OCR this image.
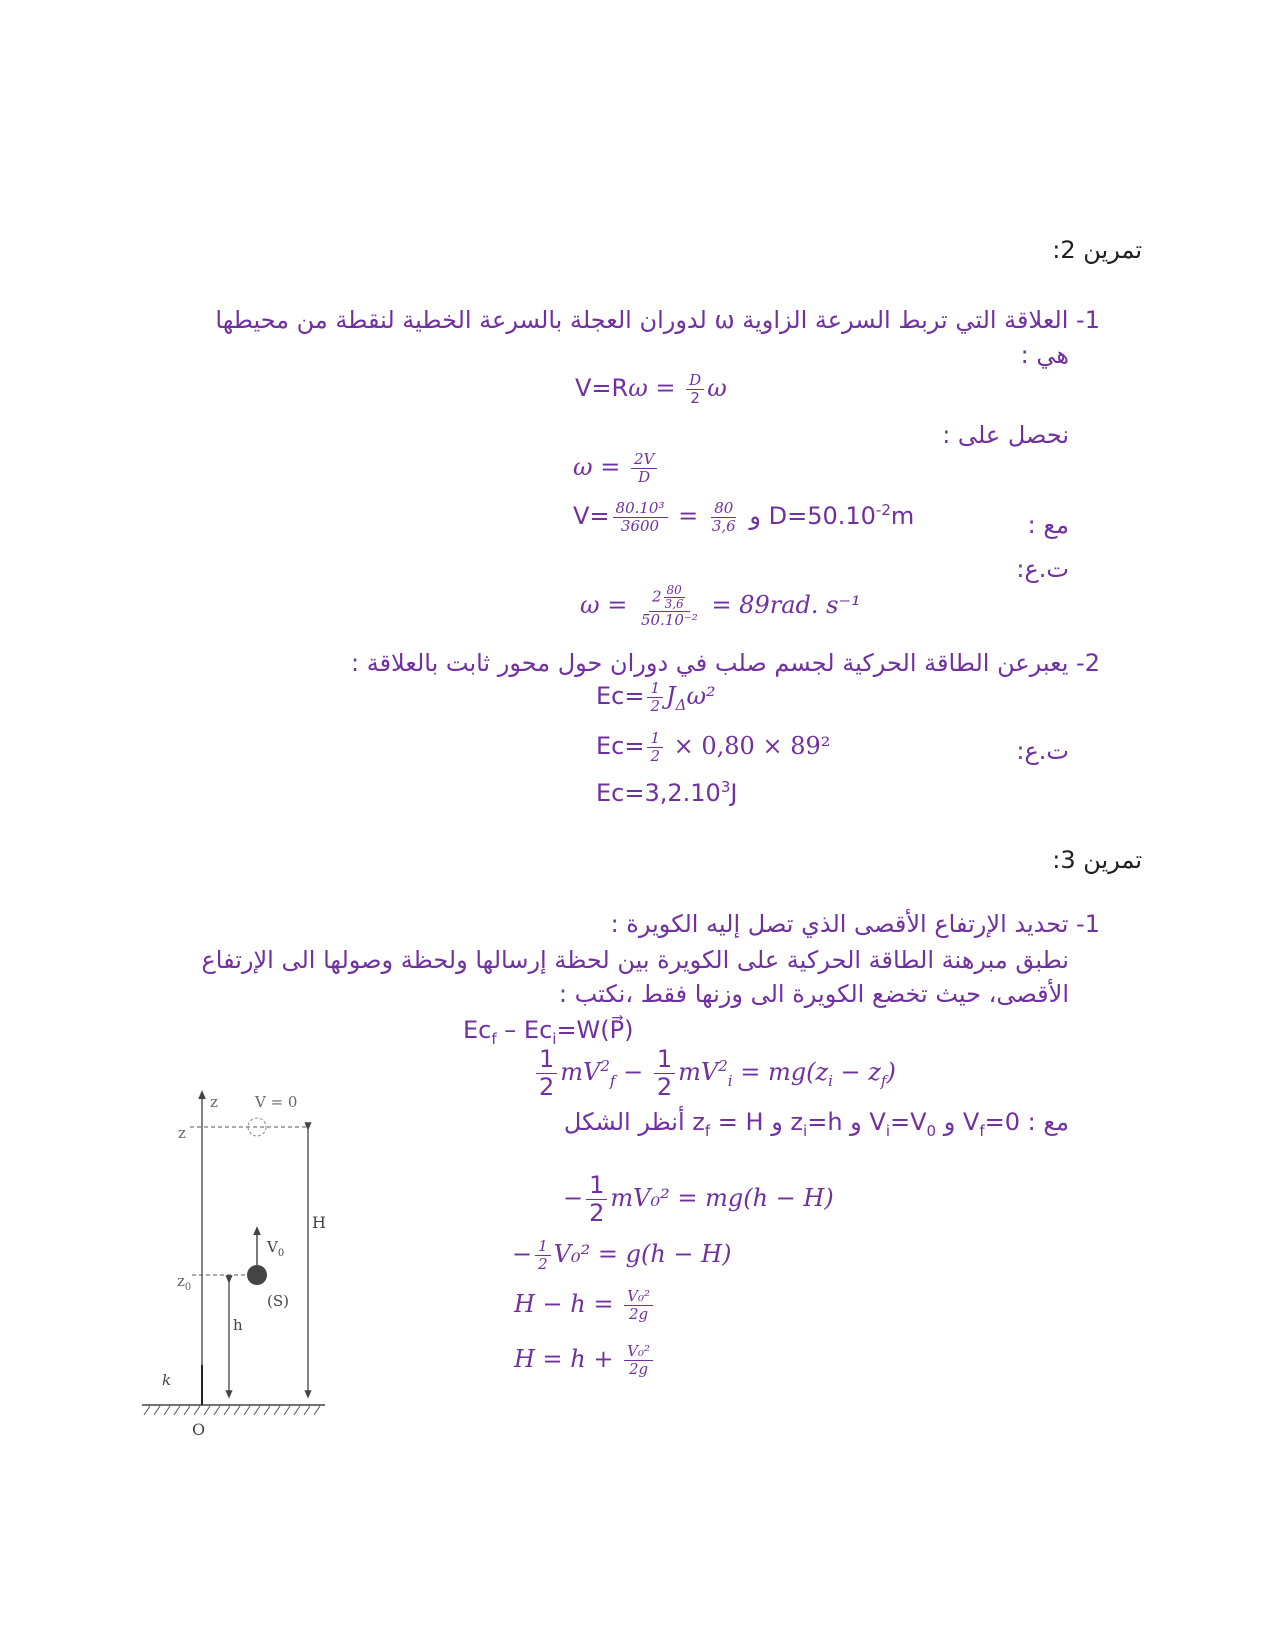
تمرين 2:
1- العلاقة التي تربط السرعة الزاوية ω لدوران العجلة بالسرعة الخطية لنقطة من محيطها
هي :
$V=R\omega = \frac{D}{2}$ ω
نحصل على :
$\omega = \frac{2V}{D}$
مع :
$V= \frac{\text{80.10³}}{3600} = \frac{80}{3,6}$ و $D=50.10^{-2}m$
ت.ع:
$\omega = \frac{2 \frac{80}{3,6}}{\text{50.10⁻²}} = 89rad$. s⁻¹
2- يعبرعن الطاقة الحركية لجسم صلب في دوران حول محور ثابت بالعلاقة :
$Ec= \frac{1}{2} J_\Delta\omega^2$
ت.ع:
$Ec= \frac{1}{2} \times 0,80 \times 89^2$
$Ec=3,2.10^3J$
تمرين 3:
1- تحديد الإرتفاع الأقصى الذي تصل إليه الكويرة :
نطبق مبرهنة الطاقة الحركية على الكويرة بين لحظة إرسالها ولحظة وصولها الى الإرتفاع
الأقصى، حيث تخضع الكويرة الى وزنها فقط ،نكتب :
$Ec_f$ – $Ec_i=W(P⃗)$
$\frac{1}{2} mV^2_f - \frac{1}{2} mV^2_i = mg(z_i - z_f)$
مع : $V_f=0$ و $V_i=V_0$ و $z_i=h$ و $z_f = H$ أنظر الشكل
− $\frac{1}{2} mV_0^2 = mg(h - H)$
− $\frac{1}{2} V_0^2 = g(h - H)$
$H - h = \frac{\text{V₀²}}{2g}$
$H = h + \frac{\text{V₀²}}{2g}$
z V = 0
z
H
$V_0$
$z_0$
(S)
h
k
O
